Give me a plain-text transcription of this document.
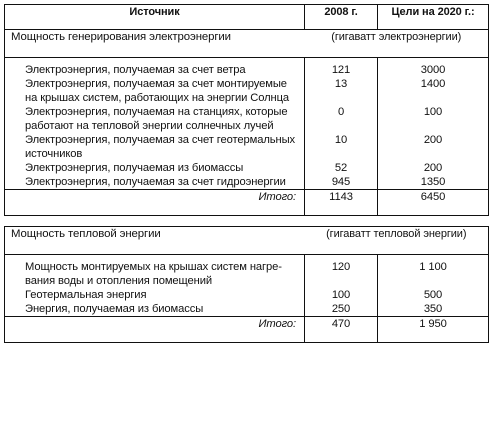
Источник	2008 г.	Цели на 2020 г.:
Мощность генерирования электроэнергии	(гигаватт электроэнергии)	

Электроэнергия, получаемая за счет ветра	121	3000

Электроэнергия, получаемая за счет монтируемые
на крышах систем, работающих на энергии Солнца	13	1400

Электроэнергия, получаемая на станциях, которые
работают на тепловой энергии солнечных лучей	0	100

Электроэнергия, получаемая за счет геотермальных
источников	10	200

Электроэнергия, получаемая из биомассы	52	200

Электроэнергия, получаемая за счет гидроэнергии	945	1350
Итого:	1143	6450

Мощность тепловой энергии	(гигаватт тепловой энергии)	

Мощность монтируемых на крышах систем нагре-
вания воды и отопления помещений	120	1 100

Геотермальная энергия	100	500

Энергия, получаемая из биомассы	250	350
Итого:	470	1 950
